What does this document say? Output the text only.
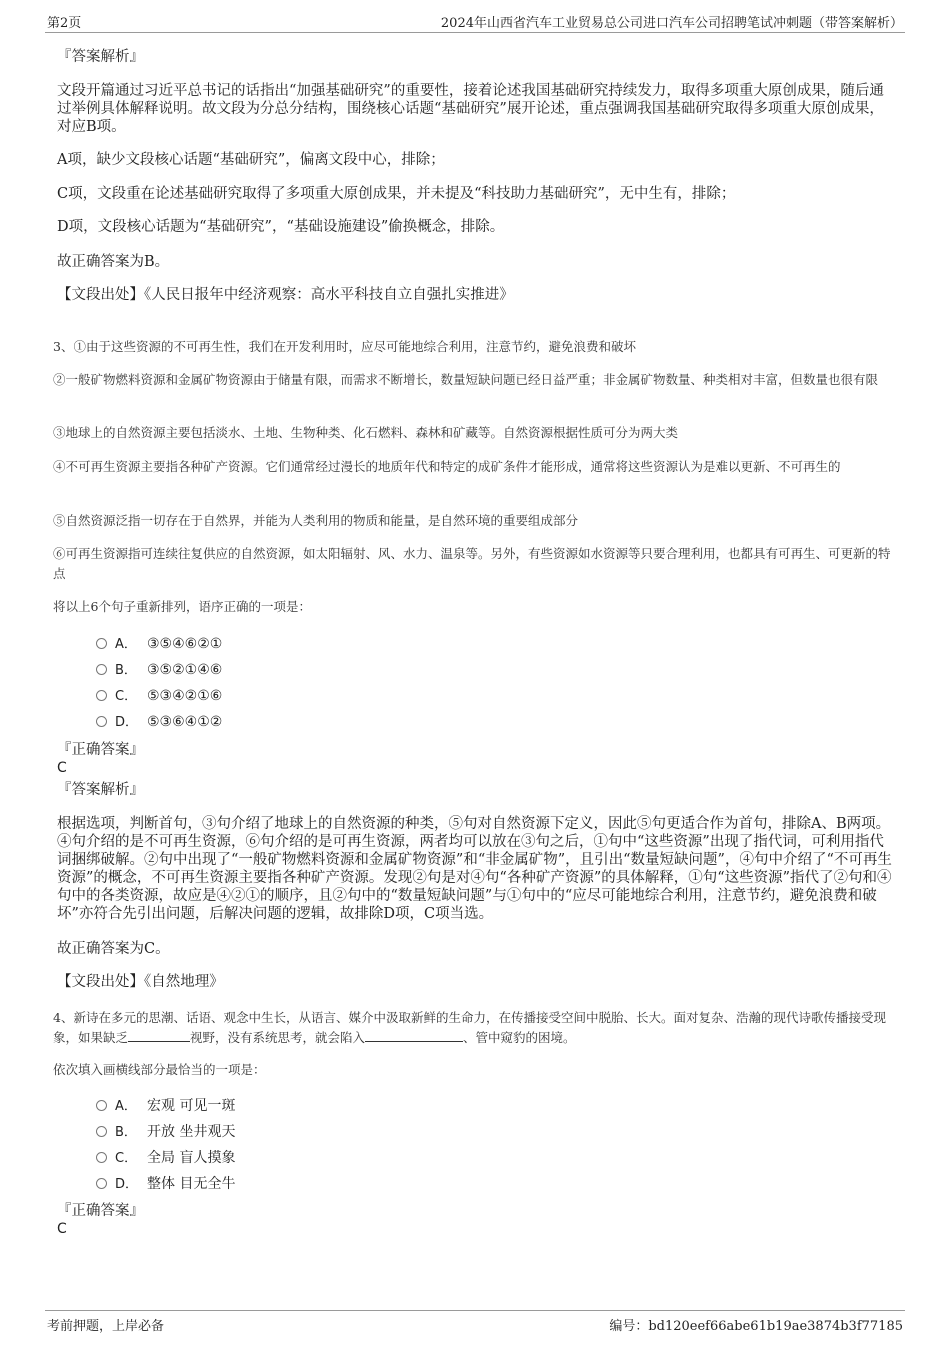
第2页	2024年山西省汽车工业贸易总公司进口汽车公司招聘笔试冲刺题（带答案解析）
『答案解析』
文段开篇通过习近平总书记的话指出“加强基础研究”的重要性，接着论述我国基础研究持续发力，取得多项重大原创成果，随后通过举例具体解释说明。故文段为分总分结构，围绕核心话题“基础研究”展开论述，重点强调我国基础研究取得多项重大原创成果，对应B项。
A项，缺少文段核心话题“基础研究”，偏离文段中心，排除；
C项，文段重在论述基础研究取得了多项重大原创成果，并未提及“科技助力基础研究”，无中生有，排除；
D项，文段核心话题为“基础研究”，“基础设施建设”偷换概念，排除。
故正确答案为B。
【文段出处】《人民日报年中经济观察：高水平科技自立自强扎实推进》
3、①由于这些资源的不可再生性，我们在开发利用时，应尽可能地综合利用，注意节约，避免浪费和破坏
②一般矿物燃料资源和金属矿物资源由于储量有限，而需求不断增长，数量短缺问题已经日益严重；非金属矿物数量、种类相对丰富，但数量也很有限
③地球上的自然资源主要包括淡水、土地、生物种类、化石燃料、森林和矿藏等。自然资源根据性质可分为两大类
④不可再生资源主要指各种矿产资源。它们通常经过漫长的地质年代和特定的成矿条件才能形成，通常将这些资源认为是难以更新、不可再生的
⑤自然资源泛指一切存在于自然界，并能为人类利用的物质和能量，是自然环境的重要组成部分
⑥可再生资源指可连续往复供应的自然资源，如太阳辐射、风、水力、温泉等。另外，有些资源如水资源等只要合理利用，也都具有可再生、可更新的特点
将以上6个句子重新排列，语序正确的一项是：
A． ③⑤④⑥②①
B． ③⑤②①④⑥
C． ⑤③④②①⑥
D． ⑤③⑥④①②
『正确答案』
C
『答案解析』
根据选项，判断首句，③句介绍了地球上的自然资源的种类，⑤句对自然资源下定义，因此⑤句更适合作为首句，排除A、B两项。④句介绍的是不可再生资源，⑥句介绍的是可再生资源，两者均可以放在③句之后，①句中“这些资源”出现了指代词，可利用指代词捆绑破解。②句中出现了“一般矿物燃料资源和金属矿物资源”和“非金属矿物”，且引出“数量短缺问题”，④句中介绍了“不可再生资源”的概念，不可再生资源主要指各种矿产资源。发现②句是对④句“各种矿产资源”的具体解释，①句“这些资源”指代了②句和④句中的各类资源，故应是④②①的顺序，且②句中的“数量短缺问题”与①句中的“应尽可能地综合利用，注意节约，避免浪费和破坏”亦符合先引出问题，后解决问题的逻辑，故排除D项，C项当选。
故正确答案为C。
【文段出处】《自然地理》
4、新诗在多元的思潮、话语、观念中生长，从语言、媒介中汲取新鲜的生命力，在传播接受空间中脱胎、长大。面对复杂、浩瀚的现代诗歌传播接受现象，如果缺乏	视野，没有系统思考，就会陷入	、管中窥豹的困境。
依次填入画横线部分最恰当的一项是：
A． 宏观 可见一斑
B． 开放 坐井观天
C． 全局 盲人摸象
D． 整体 目无全牛
『正确答案』
C
考前押题，上岸必备	编号：bd120eef66abe61b19ae3874b3f77185
